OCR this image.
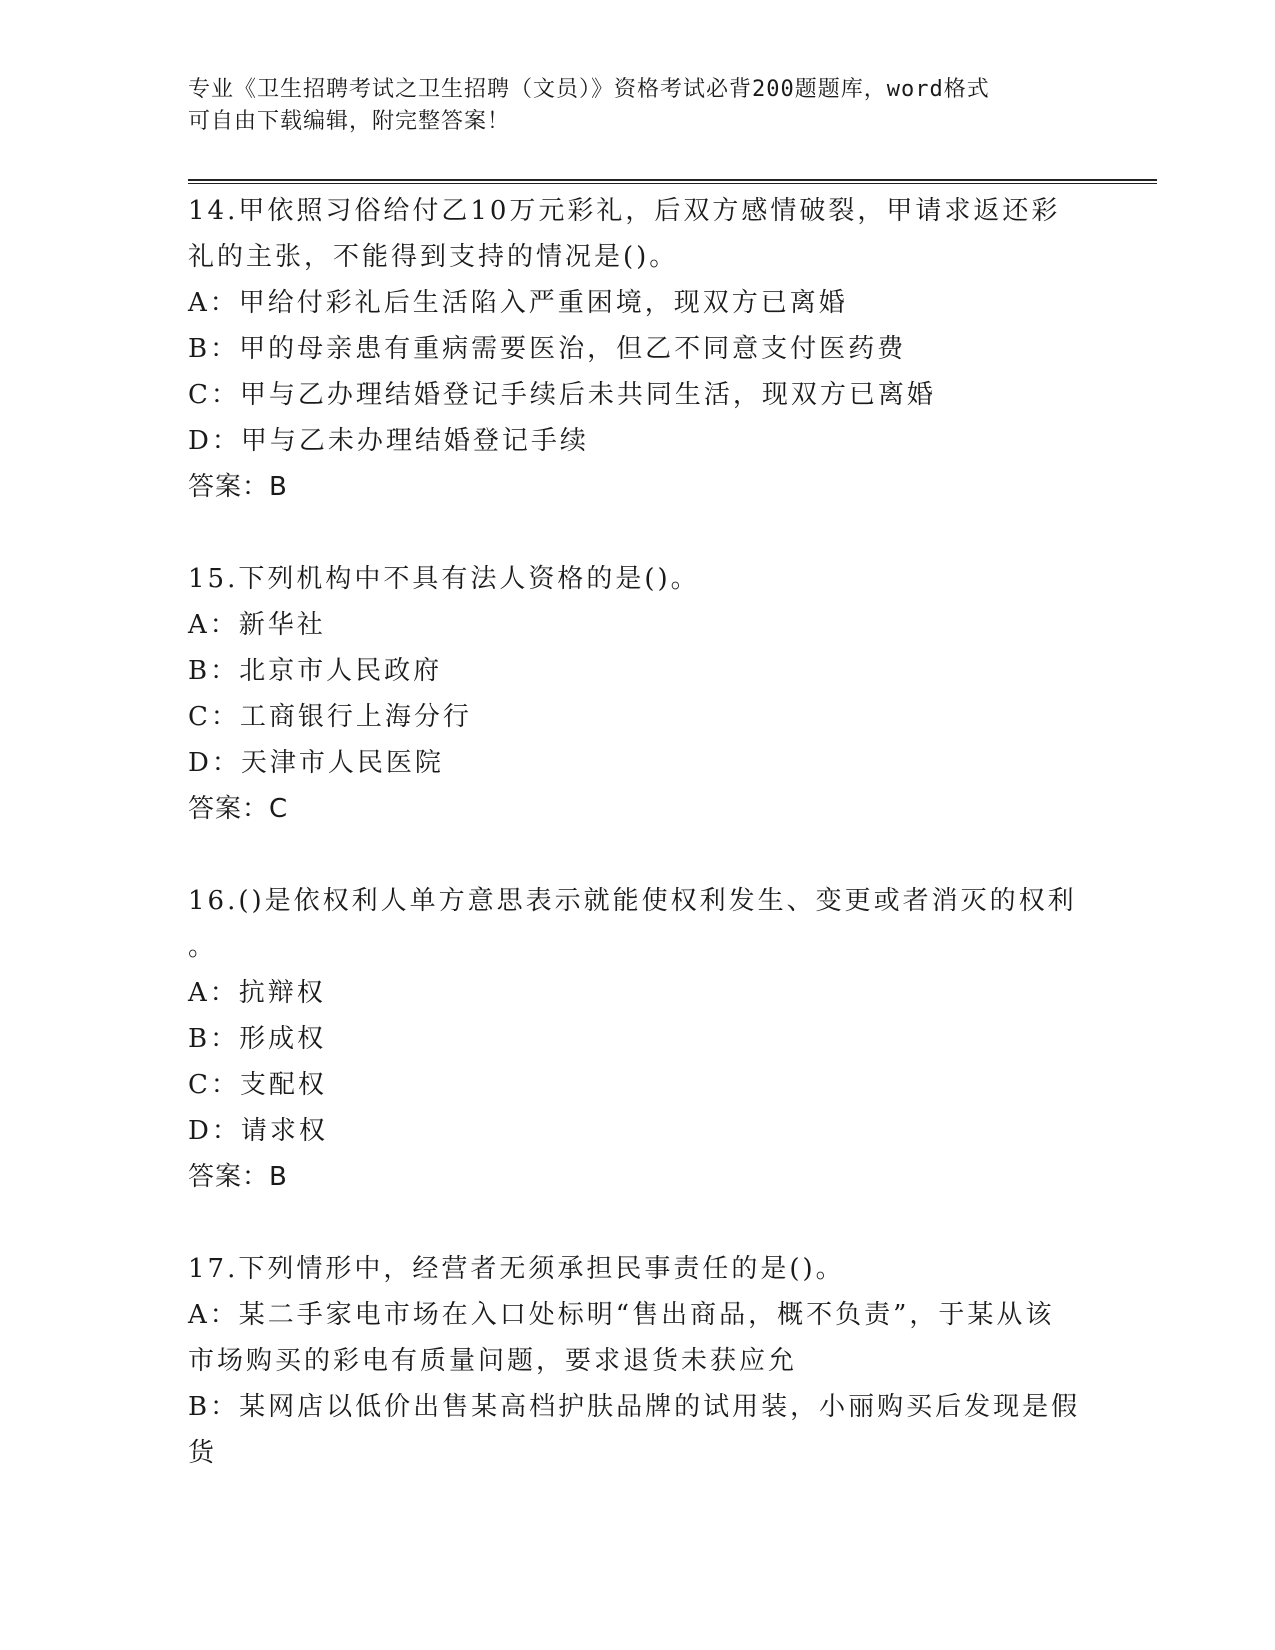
专业《卫生招聘考试之卫生招聘（文员）》资格考试必背200题题库，word格式
可自由下载编辑，附完整答案！
14.甲依照习俗给付乙10万元彩礼，后双方感情破裂，甲请求返还彩
礼的主张，不能得到支持的情况是()。
A：甲给付彩礼后生活陷入严重困境，现双方已离婚
B：甲的母亲患有重病需要医治，但乙不同意支付医药费
C：甲与乙办理结婚登记手续后未共同生活，现双方已离婚
D：甲与乙未办理结婚登记手续
答案：B
15.下列机构中不具有法人资格的是()。
A：新华社
B：北京市人民政府
C：工商银行上海分行
D：天津市人民医院
答案：C
16.()是依权利人单方意思表示就能使权利发生、变更或者消灭的权利
。
A：抗辩权
B：形成权
C：支配权
D：请求权
答案：B
17.下列情形中，经营者无须承担民事责任的是()。
A：某二手家电市场在入口处标明“售出商品，概不负责”，于某从该
市场购买的彩电有质量问题，要求退货未获应允
B：某网店以低价出售某高档护肤品牌的试用装，小丽购买后发现是假
货
